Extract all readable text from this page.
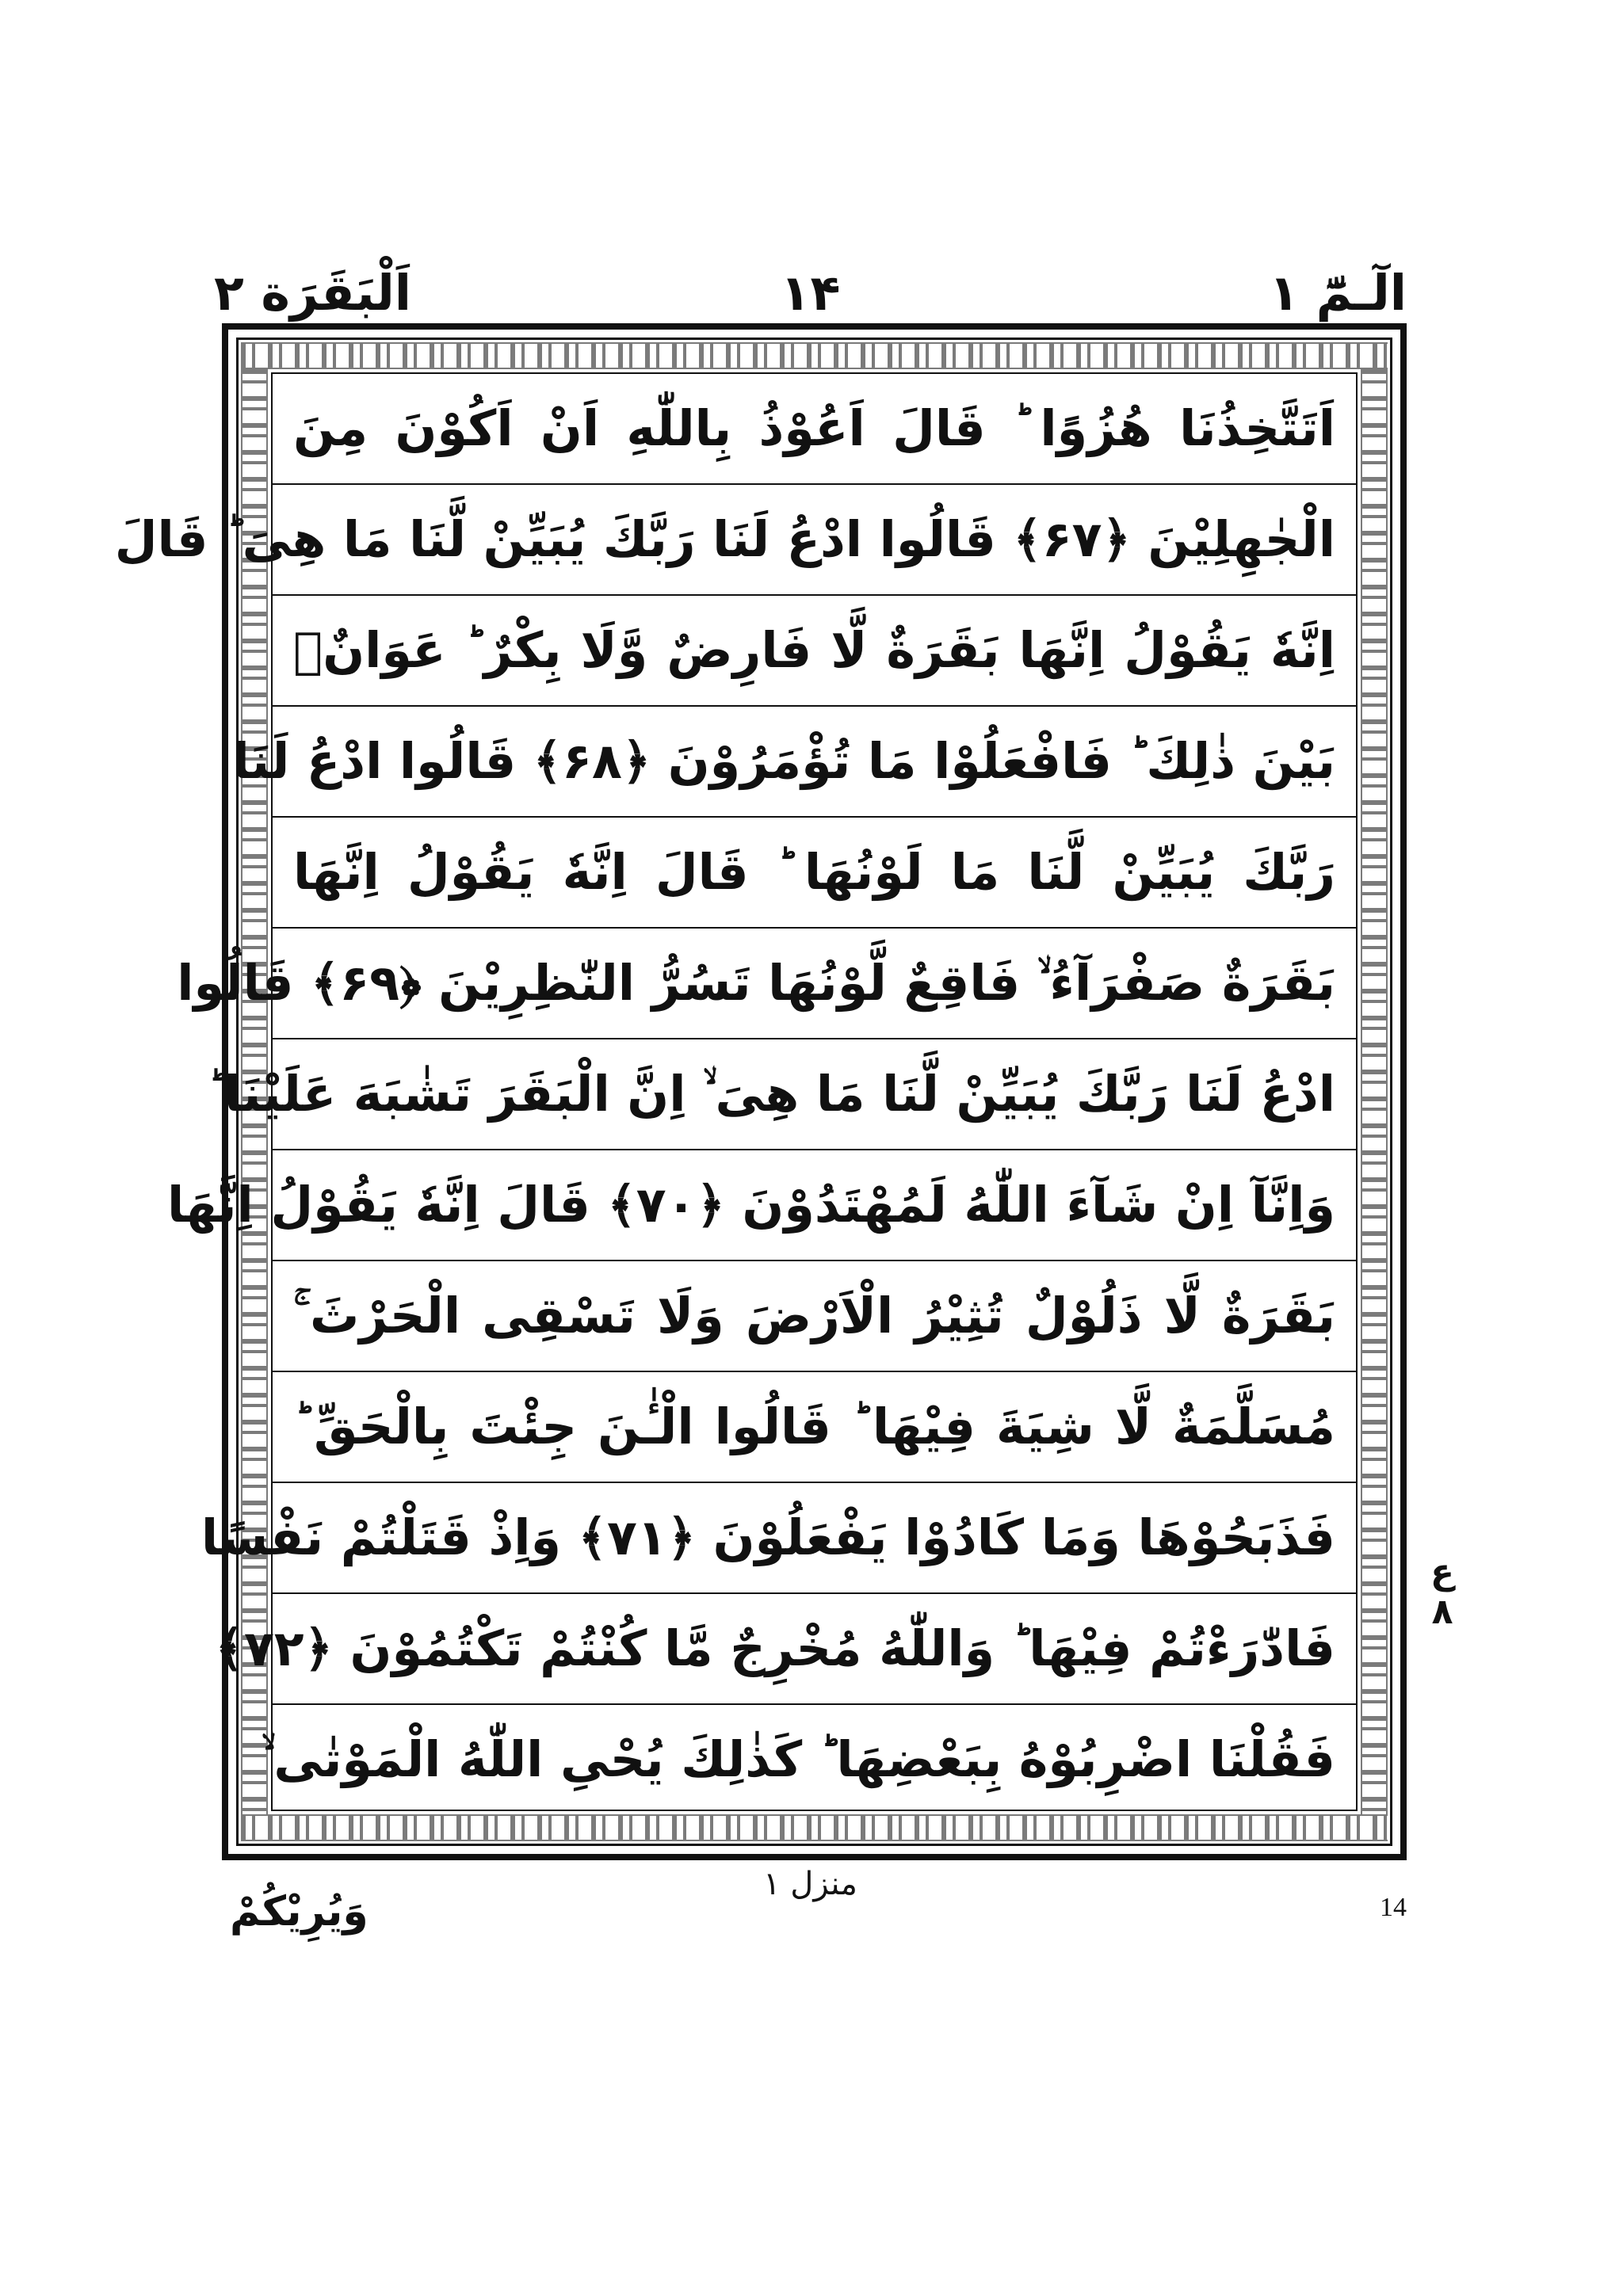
الٓـمّٓ ۱
۱۴
اَلْبَقَرَة ۲
اَتَتَّخِذُنَا هُزُوًا ؕ قَالَ اَعُوْذُ بِاللّٰهِ اَنْ اَكُوْنَ مِنَ
الْجٰهِلِيْنَ ﴿۶۷﴾ قَالُوا ادْعُ لَنَا رَبَّكَ يُبَيِّنْ لَّنَا مَا هِىَ ؕ قَالَ
اِنَّهٗ يَقُوْلُ اِنَّهَا بَقَرَةٌ لَّا فَارِضٌ وَّلَا بِكْرٌ ؕ عَوَانٌۢ
بَيْنَ ذٰلِكَ ؕ فَافْعَلُوْا مَا تُؤْمَرُوْنَ ﴿۶۸﴾ قَالُوا ادْعُ لَنَا
رَبَّكَ يُبَيِّنْ لَّنَا مَا لَوْنُهَا ؕ قَالَ اِنَّهٗ يَقُوْلُ اِنَّهَا
بَقَرَةٌ صَفْرَآءُ ۙ فَاقِعٌ لَّوْنُهَا تَسُرُّ النّٰظِرِيْنَ ﴿۶۹﴾ قَالُوا
ادْعُ لَنَا رَبَّكَ يُبَيِّنْ لَّنَا مَا هِىَ ۙ اِنَّ الْبَقَرَ تَشٰبَهَ عَلَيْنَا ؕ
وَاِنَّآ اِنْ شَآءَ اللّٰهُ لَمُهْتَدُوْنَ ﴿۷۰﴾ قَالَ اِنَّهٗ يَقُوْلُ اِنَّهَا
بَقَرَةٌ لَّا ذَلُوْلٌ تُثِيْرُ الْاَرْضَ وَلَا تَسْقِى الْحَرْثَ ۚ
مُسَلَّمَةٌ لَّا شِيَةَ فِيْهَا ؕ قَالُوا الْـٰٔنَ جِئْتَ بِالْحَقِّ ؕ
فَذَبَحُوْهَا وَمَا كَادُوْا يَفْعَلُوْنَ ﴿۷۱﴾ وَاِذْ قَتَلْتُمْ نَفْسًا
فَادّٰرَءْتُمْ فِيْهَا ؕ وَاللّٰهُ مُخْرِجٌ مَّا كُنْتُمْ تَكْتُمُوْنَ ﴿۷۲﴾
فَقُلْنَا اضْرِبُوْهُ بِبَعْضِهَا ؕ كَذٰلِكَ يُحْىِ اللّٰهُ الْمَوْتٰى ۙ
ع ٨
وَيُرِيْكُمْ
منزل ۱
14
